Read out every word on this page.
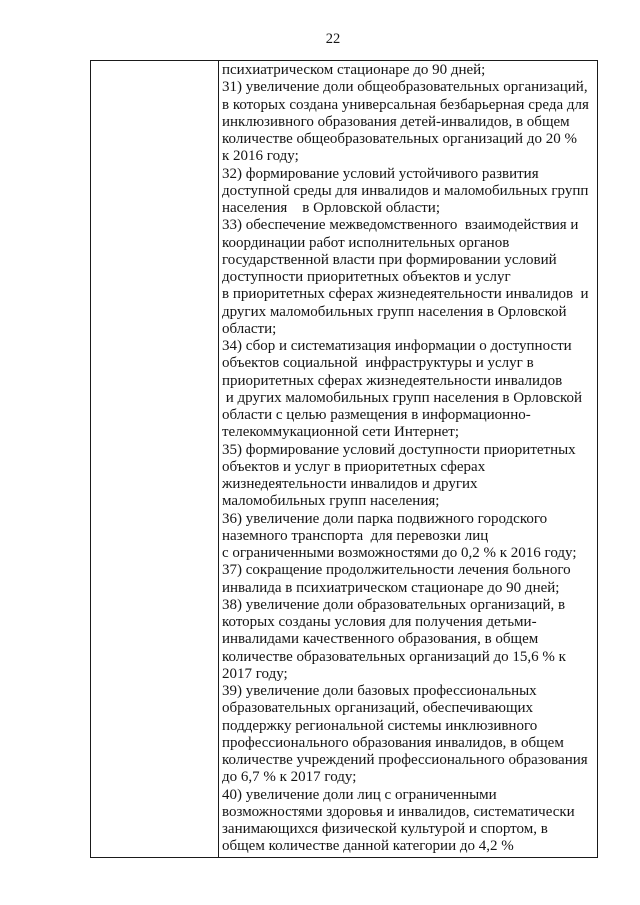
22
психиатрическом стационаре до 90 дней;
31) увеличение доли общеобразовательных организаций,
в которых создана универсальная безбарьерная среда для
инклюзивного образования детей-инвалидов, в общем
количестве общеобразовательных организаций до 20 %
к 2016 году;
32) формирование условий устойчивого развития
доступной среды для инвалидов и маломобильных групп
населения    в Орловской области;
33) обеспечение межведомственного  взаимодействия и
координации работ исполнительных органов
государственной власти при формировании условий
доступности приоритетных объектов и услуг
в приоритетных сферах жизнедеятельности инвалидов  и
других маломобильных групп населения в Орловской
области;
34) сбор и систематизация информации о доступности
объектов социальной  инфраструктуры и услуг в
приоритетных сферах жизнедеятельности инвалидов
и других маломобильных групп населения в Орловской
области с целью размещения в информационно-
телекоммукационной сети Интернет;
35) формирование условий доступности приоритетных
объектов и услуг в приоритетных сферах
жизнедеятельности инвалидов и других
маломобильных групп населения;
36) увеличение доли парка подвижного городского
наземного транспорта  для перевозки лиц
с ограниченными возможностями до 0,2 % к 2016 году;
37) сокращение продолжительности лечения больного
инвалида в психиатрическом стационаре до 90 дней;
38) увеличение доли образовательных организаций, в
которых созданы условия для получения детьми-
инвалидами качественного образования, в общем
количестве образовательных организаций до 15,6 % к
2017 году;
39) увеличение доли базовых профессиональных
образовательных организаций, обеспечивающих
поддержку региональной системы инклюзивного
профессионального образования инвалидов, в общем
количестве учреждений профессионального образования
до 6,7 % к 2017 году;
40) увеличение доли лиц с ограниченными
возможностями здоровья и инвалидов, систематически
занимающихся физической культурой и спортом, в
общем количестве данной категории до 4,2 %
